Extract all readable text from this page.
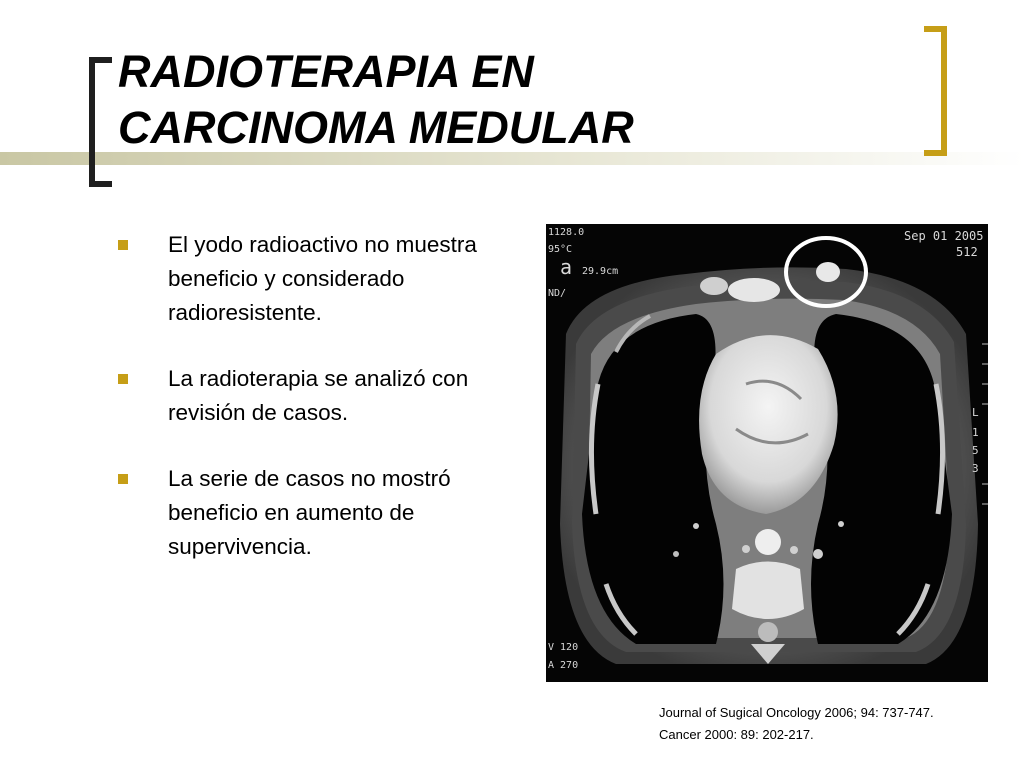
RADIOTERAPIA EN
CARCINOMA MEDULAR
El yodo radioactivo no muestra beneficio y considerado radioresistente.
La radioterapia se analizó con revisión de casos.
La serie de casos no mostró beneficio en aumento de supervivencia.
1128.0
95°C
a 29.9cm
ND/
Sep 01 2005
512
L
1
5
3
V 120
A 270
Journal of Sugical Oncology 2006; 94: 737-747.
Cancer 2000: 89: 202-217.
